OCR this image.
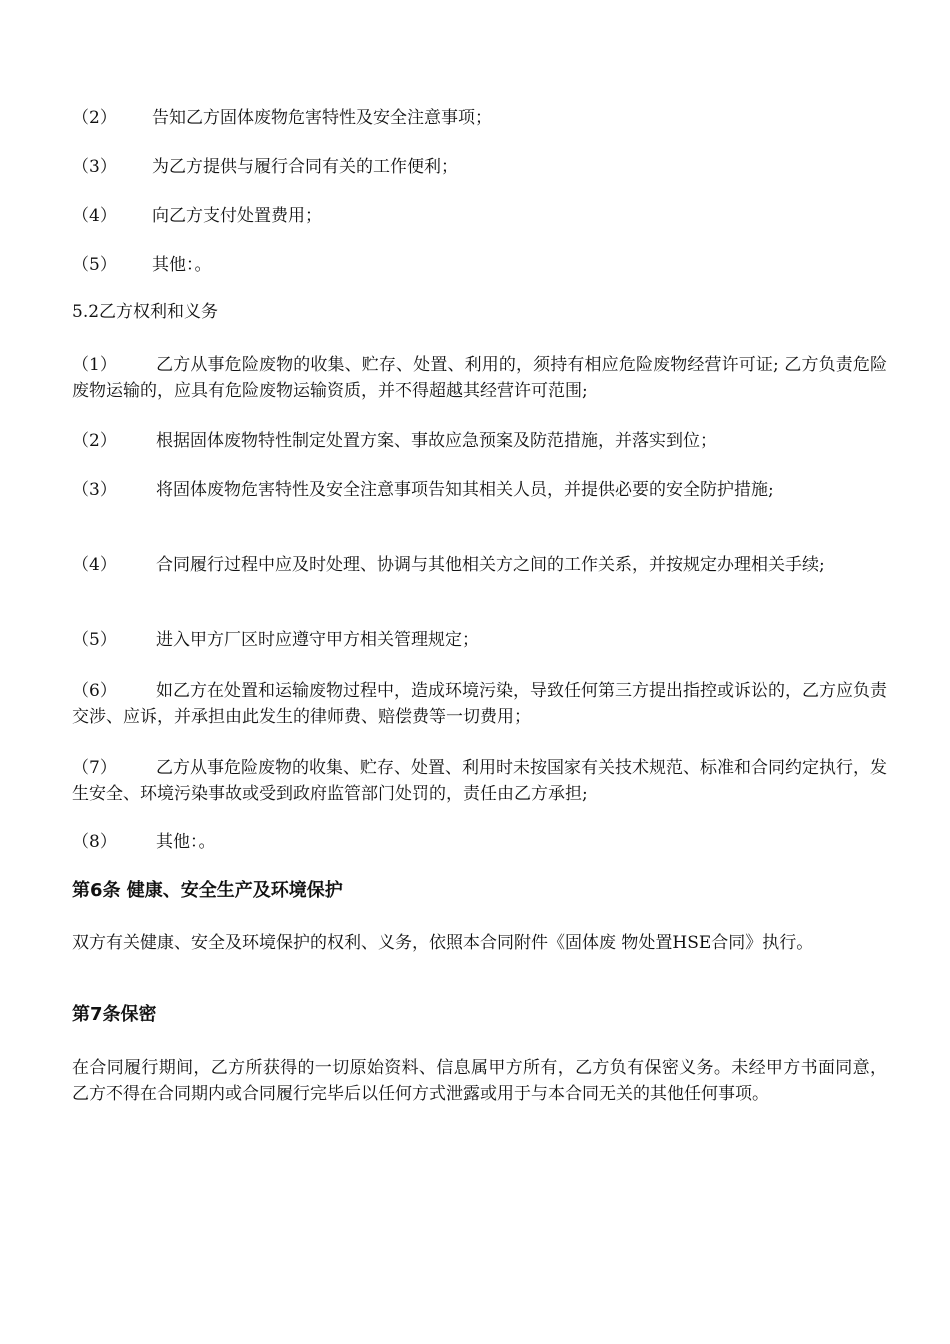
（2） 告知乙方固体废物危害特性及安全注意事项；
（3） 为乙方提供与履行合同有关的工作便利；
（4） 向乙方支付处置费用；
（5） 其他：。
5.2乙方权利和义务
（1） 乙方从事危险废物的收集、贮存、处置、利用的，须持有相应危险废物经营许可证; 乙方负责危险废物运输的，应具有危险废物运输资质，并不得超越其经营许可范围;
（2） 根据固体废物特性制定处置方案、事故应急预案及防范措施，并落实到位；
（3） 将固体废物危害特性及安全注意事项告知其相关人员，并提供必要的安全防护措施;
（4） 合同履行过程中应及时处理、协调与其他相关方之间的工作关系，并按规定办理相关手续;
（5） 进入甲方厂区时应遵守甲方相关管理规定；
（6） 如乙方在处置和运输废物过程中，造成环境污染，导致任何第三方提出指控或诉讼的，乙方应负责交涉、应诉，并承担由此发生的律师费、赔偿费等一切费用；
（7） 乙方从事危险废物的收集、贮存、处置、利用时未按国家有关技术规范、标准和合同约定执行，发生安全、环境污染事故或受到政府监管部门处罚的，责任由乙方承担;
（8） 其他：。
第6条 健康、安全生产及环境保护
双方有关健康、安全及环境保护的权利、义务，依照本合同附件《固体废 物处置HSE合同》执行。
第7条保密
在合同履行期间，乙方所获得的一切原始资料、信息属甲方所有，乙方负有保密义务。未经甲方书面同意，乙方不得在合同期内或合同履行完毕后以任何方式泄露或用于与本合同无关的其他任何事项。
